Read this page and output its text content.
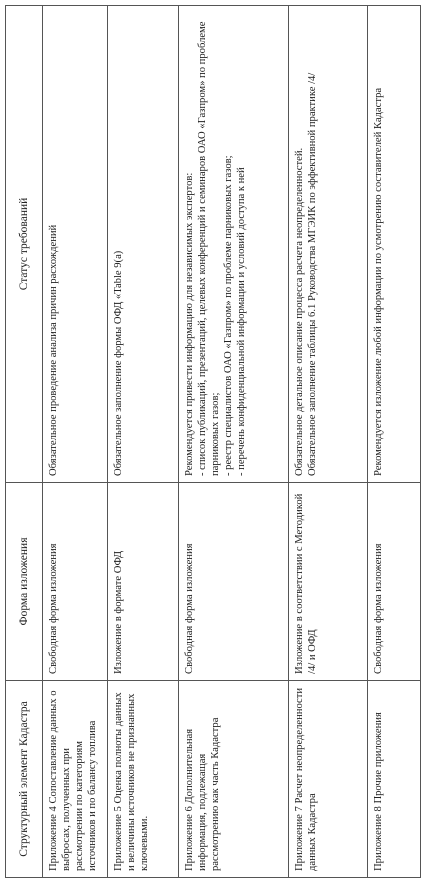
Структурный элемент Кадастра	Форма изложения	Статус требований
Приложение 4 Сопоставление данных о выбросах, полученных при рассмотрении по категориям источников и по балансу топлива	Свободная форма изложения	Обязательное проведение анализа причин расхождений

Приложение 5 Оценка полноты данных и величины источников не признанных ключевыми.	Изложение в формате ОФД	Обязательное заполнение формы ОФД «Table 9(a)

Приложение 6 Дополнительная информация, подлежащая рассмотрению как часть Кадастра	Свободная форма изложения	Рекомендуется привести информацию для независимых экспертов: - список публикаций, презентаций, целевых конференций и семинаров ОАО «Газпром» по проблеме парниковых газов; - реестр специалистов ОАО «Газпром» по проблеме парниковых газов; - перечень конфиденциальной информации и условий доступа к ней

Приложение 7 Расчет неопределенности данных Кадастра	Изложение в соответствии с Методикой /4/ и ОФД	Обязательное детальное описание процесса расчета неопределенностей. Обязательное заполнение таблицы 6.1 Руководства МГЭИК по эффективной практике /4/

Приложение 8 Прочие приложения	Свободная форма изложения	Рекомендуется изложение любой информации по усмотрению составителей Кадастра
